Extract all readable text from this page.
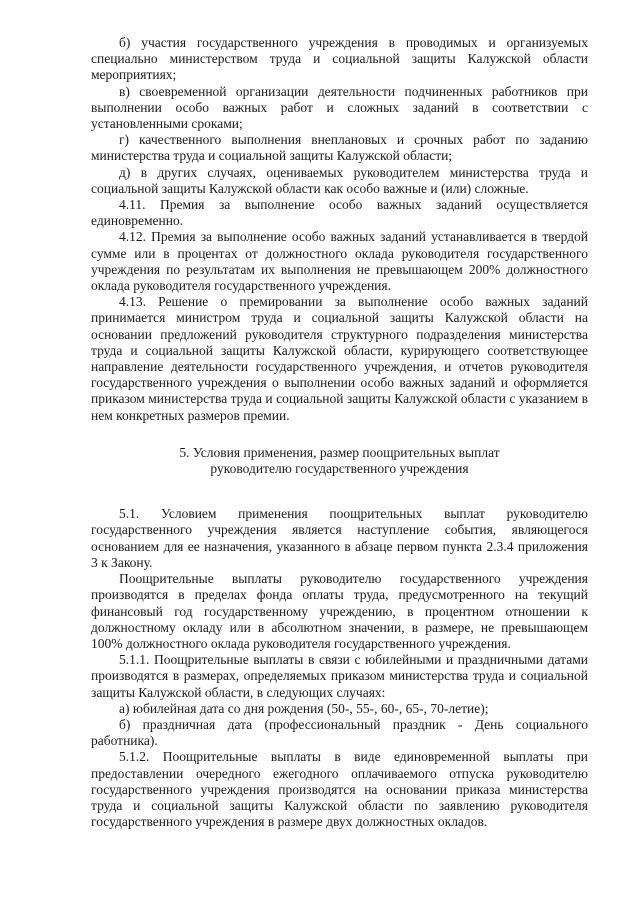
б) участия государственного учреждения в проводимых и организуемых специально министерством труда и социальной защиты Калужской области мероприятиях;

в) своевременной организации деятельности подчиненных работников при выполнении особо важных работ и сложных заданий в соответствии с установленными сроками;

г) качественного выполнения внеплановых и срочных работ по заданию министерства труда и социальной защиты Калужской области;

д) в других случаях, оцениваемых руководителем министерства труда и социальной защиты Калужской области как особо важные и (или) сложные.

4.11. Премия за выполнение особо важных заданий осуществляется единовременно.

4.12. Премия за выполнение особо важных заданий устанавливается в твердой сумме или в процентах от должностного оклада руководителя государственного учреждения по результатам их выполнения не превышающем 200% должностного оклада руководителя государственного учреждения.

4.13. Решение о премировании за выполнение особо важных заданий принимается министром труда и социальной защиты Калужской области на основании предложений руководителя структурного подразделения министерства труда и социальной защиты Калужской области, курирующего соответствующее направление деятельности государственного учреждения, и отчетов руководителя государственного учреждения о выполнении особо важных заданий и оформляется приказом министерства труда и социальной защиты Калужской области с указанием в нем конкретных размеров премии.

5. Условия применения, размер поощрительных выплат

руководителю государственного учреждения

5.1. Условием применения поощрительных выплат руководителю государственного учреждения является наступление события, являющегося основанием для ее назначения, указанного в абзаце первом пункта 2.3.4 приложения 3 к Закону.

Поощрительные выплаты руководителю государственного учреждения производятся в пределах фонда оплаты труда, предусмотренного на текущий финансовый год государственному учреждению, в процентном отношении к должностному окладу или в абсолютном значении, в размере, не превышающем 100% должностного оклада руководителя государственного учреждения.

5.1.1. Поощрительные выплаты в связи с юбилейными и праздничными датами производятся в размерах, определяемых приказом министерства труда и социальной защиты Калужской области, в следующих случаях:

а) юбилейная дата со дня рождения (50-, 55-, 60-, 65-, 70-летие);

б) праздничная дата (профессиональный праздник - День социального работника).

5.1.2. Поощрительные выплаты в виде единовременной выплаты при предоставлении очередного ежегодного оплачиваемого отпуска руководителю государственного учреждения производятся на основании приказа министерства труда и социальной защиты Калужской области по заявлению руководителя государственного учреждения в размере двух должностных окладов.
